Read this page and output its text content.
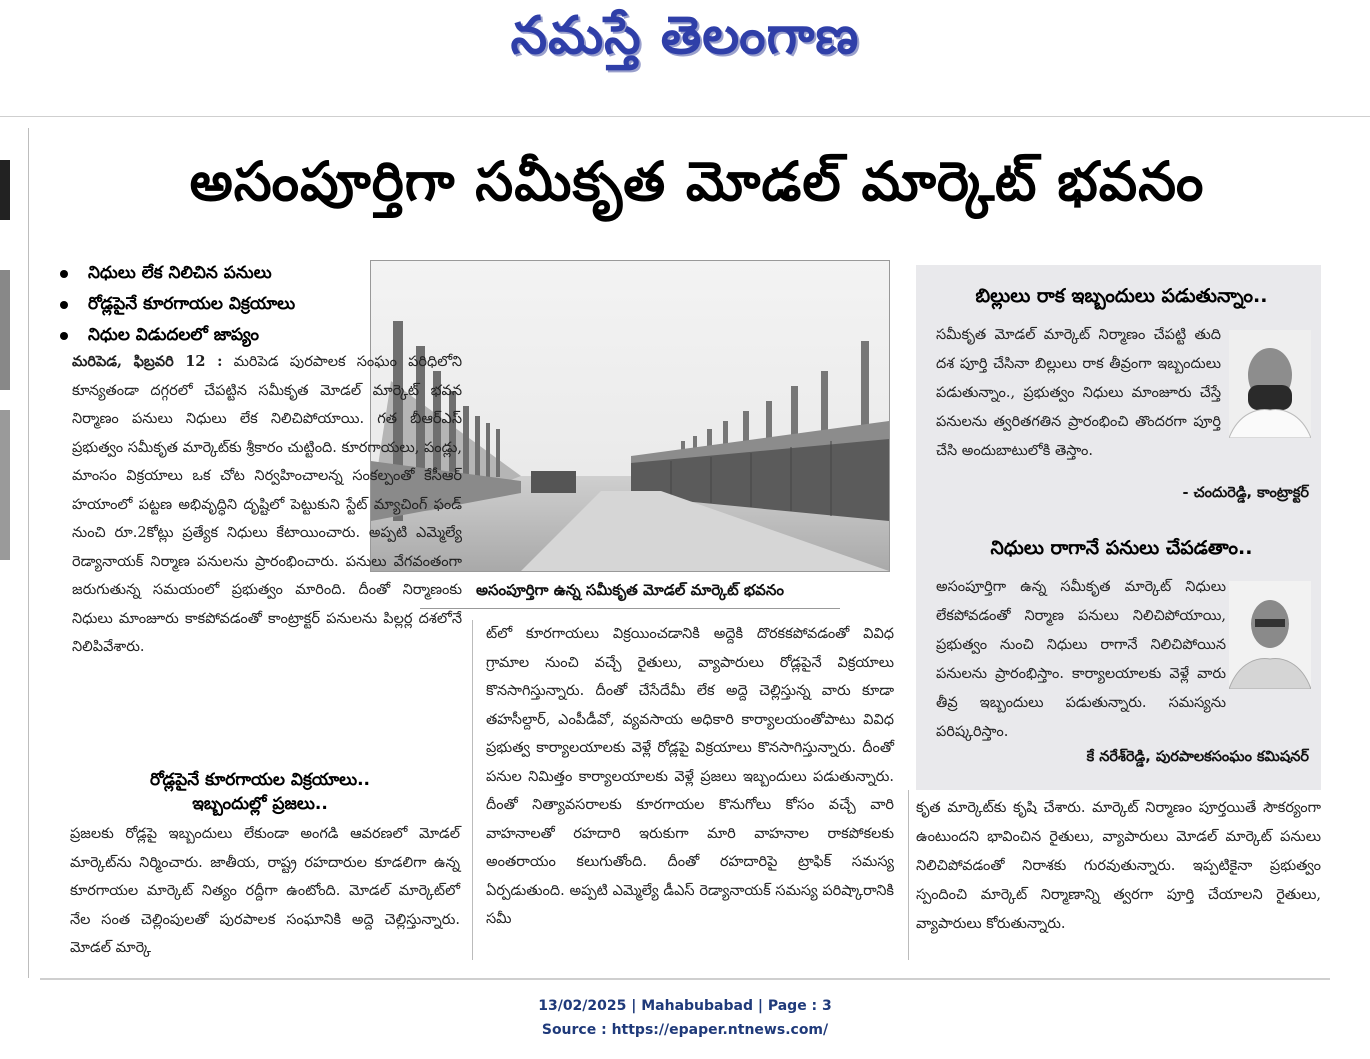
నమస్తే తెలంగాణ
అసంపూర్తిగా సమీకృత మోడల్ మార్కెట్ భవనం
నిధులు లేక నిలిచిన పనులు
రోడ్లపైనే కూరగాయల విక్రయాలు
నిధుల విడుదలలో జాప్యం
అసంపూర్తిగా ఉన్న సమీకృత మోడల్ మార్కెట్ భవనం
మరిపెడ, ఫిబ్రవరి 12 : మరిపెడ పురపాలక సంఘం పరిధిలోని కూన్యతండా దగ్గరలో చేపట్టిన సమీకృత మోడల్ మార్కెట్ భవన నిర్మాణం పనులు నిధులు లేక నిలిచిపోయాయి. గత బీఆర్ఎస్ ప్రభుత్వం సమీకృత మార్కెట్‌కు శ్రీకారం చుట్టింది. కూరగాయలు, పండ్లు, మాంసం విక్రయాలు ఒక చోట నిర్వహించాలన్న సంకల్పంతో కేసీఆర్ హయాంలో పట్టణ అభివృద్ధిని దృష్టిలో పెట్టుకుని స్టేట్ మ్యాచింగ్ ఫండ్ నుంచి రూ.2కోట్లు ప్రత్యేక నిధులు కేటాయించారు. అప్పటి ఎమ్మెల్యే రెడ్యానాయక్ నిర్మాణ పనులను ప్రారంభించారు. పనులు వేగవంతంగా జరుగుతున్న సమయంలో ప్రభుత్వం మారింది. దీంతో నిర్మాణంకు నిధులు మాంజూరు కాకపోవడంతో కాంట్రాక్టర్ పనులను పిల్లర్ల దశలోనే నిలిపివేశారు.
రోడ్లపైనే కూరగాయల విక్రయాలు..
ఇబ్బందుల్లో ప్రజలు..
ప్రజలకు రోడ్లపై ఇబ్బందులు లేకుండా అంగడి ఆవరణలో మోడల్ మార్కెట్‌ను నిర్మించారు. జాతీయ, రాష్ట్ర రహదారుల కూడలిగా ఉన్న కూరగాయల మార్కెట్ నిత్యం రద్దీగా ఉంటోంది. మోడల్ మార్కెట్‌లో నేల సంత చెల్లింపులతో పురపాలక సంఘానికి అద్దె చెల్లిస్తున్నారు. మోడల్ మార్కె
ట్‌లో కూరగాయలు విక్రయించడానికి అద్దెకి దొరకకపోవడంతో వివిధ గ్రామాల నుంచి వచ్చే రైతులు, వ్యాపారులు రోడ్లపైనే విక్రయాలు కొనసాగిస్తున్నారు. దీంతో చేసేదేమీ లేక అద్దె చెల్లిస్తున్న వారు కూడా తహసీల్దార్, ఎంపీడీవో, వ్యవసాయ అధికారి కార్యాలయంతోపాటు వివిధ ప్రభుత్వ కార్యాలయాలకు వెళ్లే రోడ్లపై విక్రయాలు కొనసాగిస్తున్నారు. దీంతో పనుల నిమిత్తం కార్యాలయాలకు వెళ్లే ప్రజలు ఇబ్బందులు పడుతున్నారు. దీంతో నిత్యావసరాలకు కూరగాయల కొనుగోలు కోసం వచ్చే వారి వాహనాలతో రహదారి ఇరుకుగా మారి వాహనాల రాకపోకలకు అంతరాయం కలుగుతోంది. దీంతో రహదారిపై ట్రాఫిక్ సమస్య ఏర్పడుతుంది. అప్పటి ఎమ్మెల్యే డీఎస్ రెడ్యానాయక్ సమస్య పరిష్కారానికి సమీ
బిల్లులు రాక ఇబ్బందులు పడుతున్నాం..
సమీకృత మోడల్ మార్కెట్ నిర్మాణం చేపట్టి తుది దశ పూర్తి చేసినా బిల్లులు రాక తీవ్రంగా ఇబ్బందులు పడుతున్నాం., ప్రభుత్వం నిధులు మాంజూరు చేస్తే పనులను త్వరితగతిన ప్రారంభించి తొందరగా పూర్తి చేసి అందుబాటులోకి తెస్తాం.
- చందురెడ్డి, కాంట్రాక్టర్
నిధులు రాగానే పనులు చేపడతాం..
అసంపూర్తిగా ఉన్న సమీకృత మార్కెట్ నిధులు లేకపోవడంతో నిర్మాణ పనులు నిలిచిపోయాయి, ప్రభుత్వం నుంచి నిధులు రాగానే నిలిచిపోయిన పనులను ప్రారంభిస్తాం. కార్యాలయాలకు వెళ్లే వారు తీవ్ర ఇబ్బందులు పడుతున్నారు. సమస్యను పరిష్కరిస్తాం.
కే నరేశ్‌రెడ్డి, పురపాలకసంఘం కమిషనర్
కృత మార్కెట్‌కు కృషి చేశారు. మార్కెట్ నిర్మాణం పూర్తయితే సౌకర్యంగా ఉంటుందని భావించిన రైతులు, వ్యాపారులు మోడల్ మార్కెట్ పనులు నిలిచిపోవడంతో నిరాశకు గురవుతున్నారు. ఇప్పటికైనా ప్రభుత్వం స్పందించి మార్కెట్ నిర్మాణాన్ని త్వరగా పూర్తి చేయాలని రైతులు, వ్యాపారులు కోరుతున్నారు.
13/02/2025 | Mahabubabad | Page : 3
Source : https://epaper.ntnews.com/
